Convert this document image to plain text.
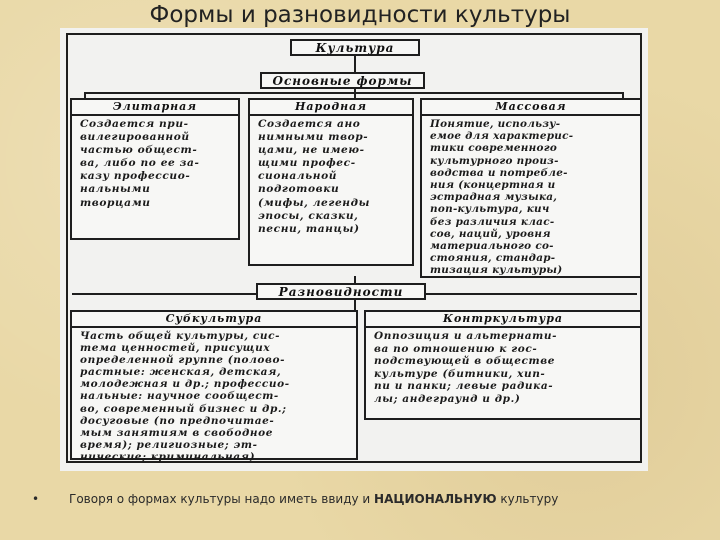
Формы и разновидности культуры
Культура
Основные формы
Элитарная
Создается при-
вилегированной
частью общест-
ва, либо по ее за-
казу профессио-
нальными
творцами
Народная
Создается ано
нимными твор-
цами, не имею-
щими профес-
сиональной
подготовки
(мифы, легенды
эпосы, сказки,
песни, танцы)
Массовая
Понятие, использу-
емое для характерис-
тики современного
культурного произ-
водства и потребле-
ния (концертная и
эстрадная музыка,
поп-культура, кич
без различия клас-
сов, наций, уровня
материального со-
стояния, стандар-
тизация культуры)
Разновидности
Субкультура
Часть общей культуры, сис-
тема ценностей, присущих
определенной группе (полово-
растные: женская, детская,
молодежная и др.; профессио-
нальные: научное сообщест-
во, современный бизнес и др.;
досуговые (по предпочитае-
мым занятиям в свободное
время); религиозные; эт-
нические; криминальная)
Контркультура
Оппозиция и альтернати-
ва по отношению к гос-
подствующей в обществе
культуре (битники, хип-
пи и панки; левые радика-
лы; андеграунд и др.)
• Говоря о формах культуры надо иметь ввиду и НАЦИОНАЛЬНУЮ культуру
